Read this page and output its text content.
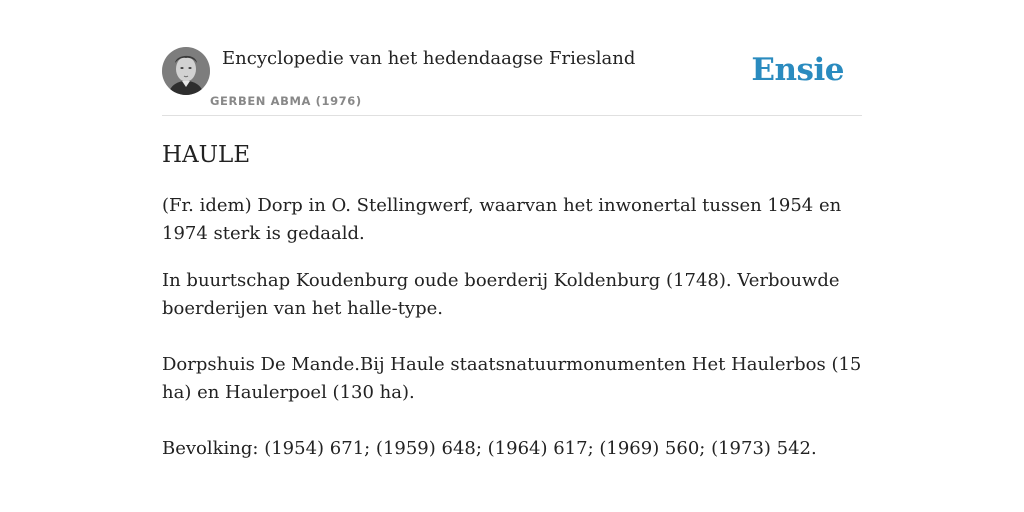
Encyclopedie van het hedendaagse Friesland
GERBEN ABMA (1976)
Ensie
HAULE

(Fr. idem) Dorp in O. Stellingwerf, waarvan het inwonertal tussen 1954 en 1974 sterk is gedaald.

In buurtschap Koudenburg oude boerderij Koldenburg (1748). Verbouwde boerderijen van het halle-type.

Dorpshuis De Mande.Bij Haule staatsnatuurmonumenten Het Haulerbos (15 ha) en Haulerpoel (130 ha).

Bevolking: (1954) 671; (1959) 648; (1964) 617; (1969) 560; (1973) 542.
